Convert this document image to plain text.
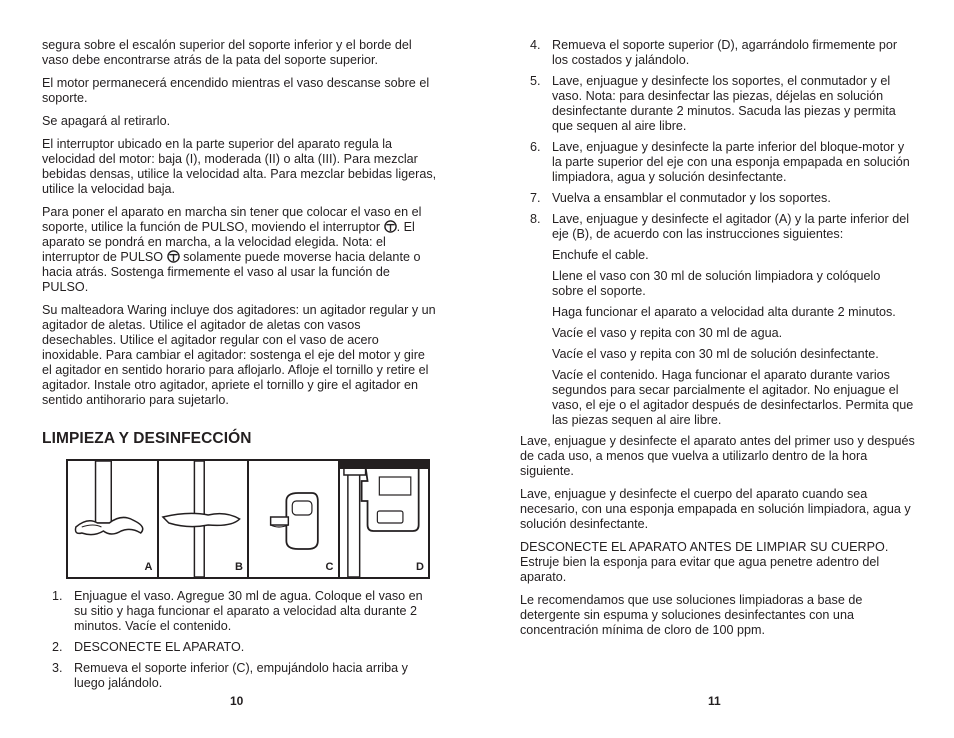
segura sobre el escalón superior del soporte inferior y el borde del vaso debe encontrarse atrás de la pata del soporte superior.

El motor permanecerá encendido mientras el vaso descanse sobre el soporte.

Se apagará al retirarlo.

El interruptor ubicado en la parte superior del aparato regula la velocidad del motor: baja (I), moderada (II) o alta (III). Para mezclar bebidas densas, utilice la velocidad alta. Para mezclar bebidas ligeras, utilice la velocidad baja.

Para poner el aparato en marcha sin tener que colocar el vaso en el soporte, utilice la función de PULSO, moviendo el interruptor . El aparato se pondrá en marcha, a la velocidad elegida. Nota: el interruptor de PULSO solamente puede moverse hacia delante o hacia atrás. Sostenga firmemente el vaso al usar la función de PULSO.

Su malteadora Waring incluye dos agitadores: un agitador regular y un agitador de aletas. Utilice el agitador de aletas con vasos desechables. Utilice el agitador regular con el vaso de acero inoxidable. Para cambiar el agitador: sostenga el eje del motor y gire el agitador en sentido horario para aflojarlo. Afloje el tornillo y retire el agitador. Instale otro agitador, apriete el tornillo y gire el agitador en sentido antihorario para sujetarlo.

LIMPIEZA Y DESINFECCIÓN
A	B	C	D
1. Enjuague el vaso. Agregue 30 ml de agua. Coloque el vaso en su sitio y haga funcionar el aparato a velocidad alta durante 2 minutos. Vacíe el contenido.
2. DESCONECTE EL APARATO.
3. Remueva el soporte inferior (C), empujándolo hacia arriba y luego jalándolo.
10
4. Remueva el soporte superior (D), agarrándolo firmemente por los costados y jalándolo.
5. Lave, enjuague y desinfecte los soportes, el conmutador y el vaso. Nota: para desinfectar las piezas, déjelas en solución desinfectante durante 2 minutos. Sacuda las piezas y permita que sequen al aire libre.
6. Lave, enjuague y desinfecte la parte inferior del bloque-motor y la parte superior del eje con una esponja empapada en solución limpiadora, agua y solución desinfectante.
7. Vuelva a ensamblar el conmutador y los soportes.
8. Lave, enjuague y desinfecte el agitador (A) y la parte inferior del eje (B), de acuerdo con las instrucciones siguientes:

Enchufe el cable.

Llene el vaso con 30 ml de solución limpiadora y colóquelo sobre el soporte.

Haga funcionar el aparato a velocidad alta durante 2 minutos.

Vacíe el vaso y repita con 30 ml de agua.

Vacíe el vaso y repita con 30 ml de solución desinfectante.

Vacíe el contenido. Haga funcionar el aparato durante varios segundos para secar parcialmente el agitador. No enjuague el vaso, el eje o el agitador después de desinfectarlos. Permita que las piezas sequen al aire libre.

Lave, enjuague y desinfecte el aparato antes del primer uso y después de cada uso, a menos que vuelva a utilizarlo dentro de la hora siguiente.

Lave, enjuague y desinfecte el cuerpo del aparato cuando sea necesario, con una esponja empapada en solución limpiadora, agua y solución desinfectante.

DESCONECTE EL APARATO ANTES DE LIMPIAR SU CUERPO. Estruje bien la esponja para evitar que agua penetre adentro del aparato.

Le recomendamos que use soluciones limpiadoras a base de detergente sin espuma y soluciones desinfectantes con una concentración mínima de cloro de 100 ppm.

11
